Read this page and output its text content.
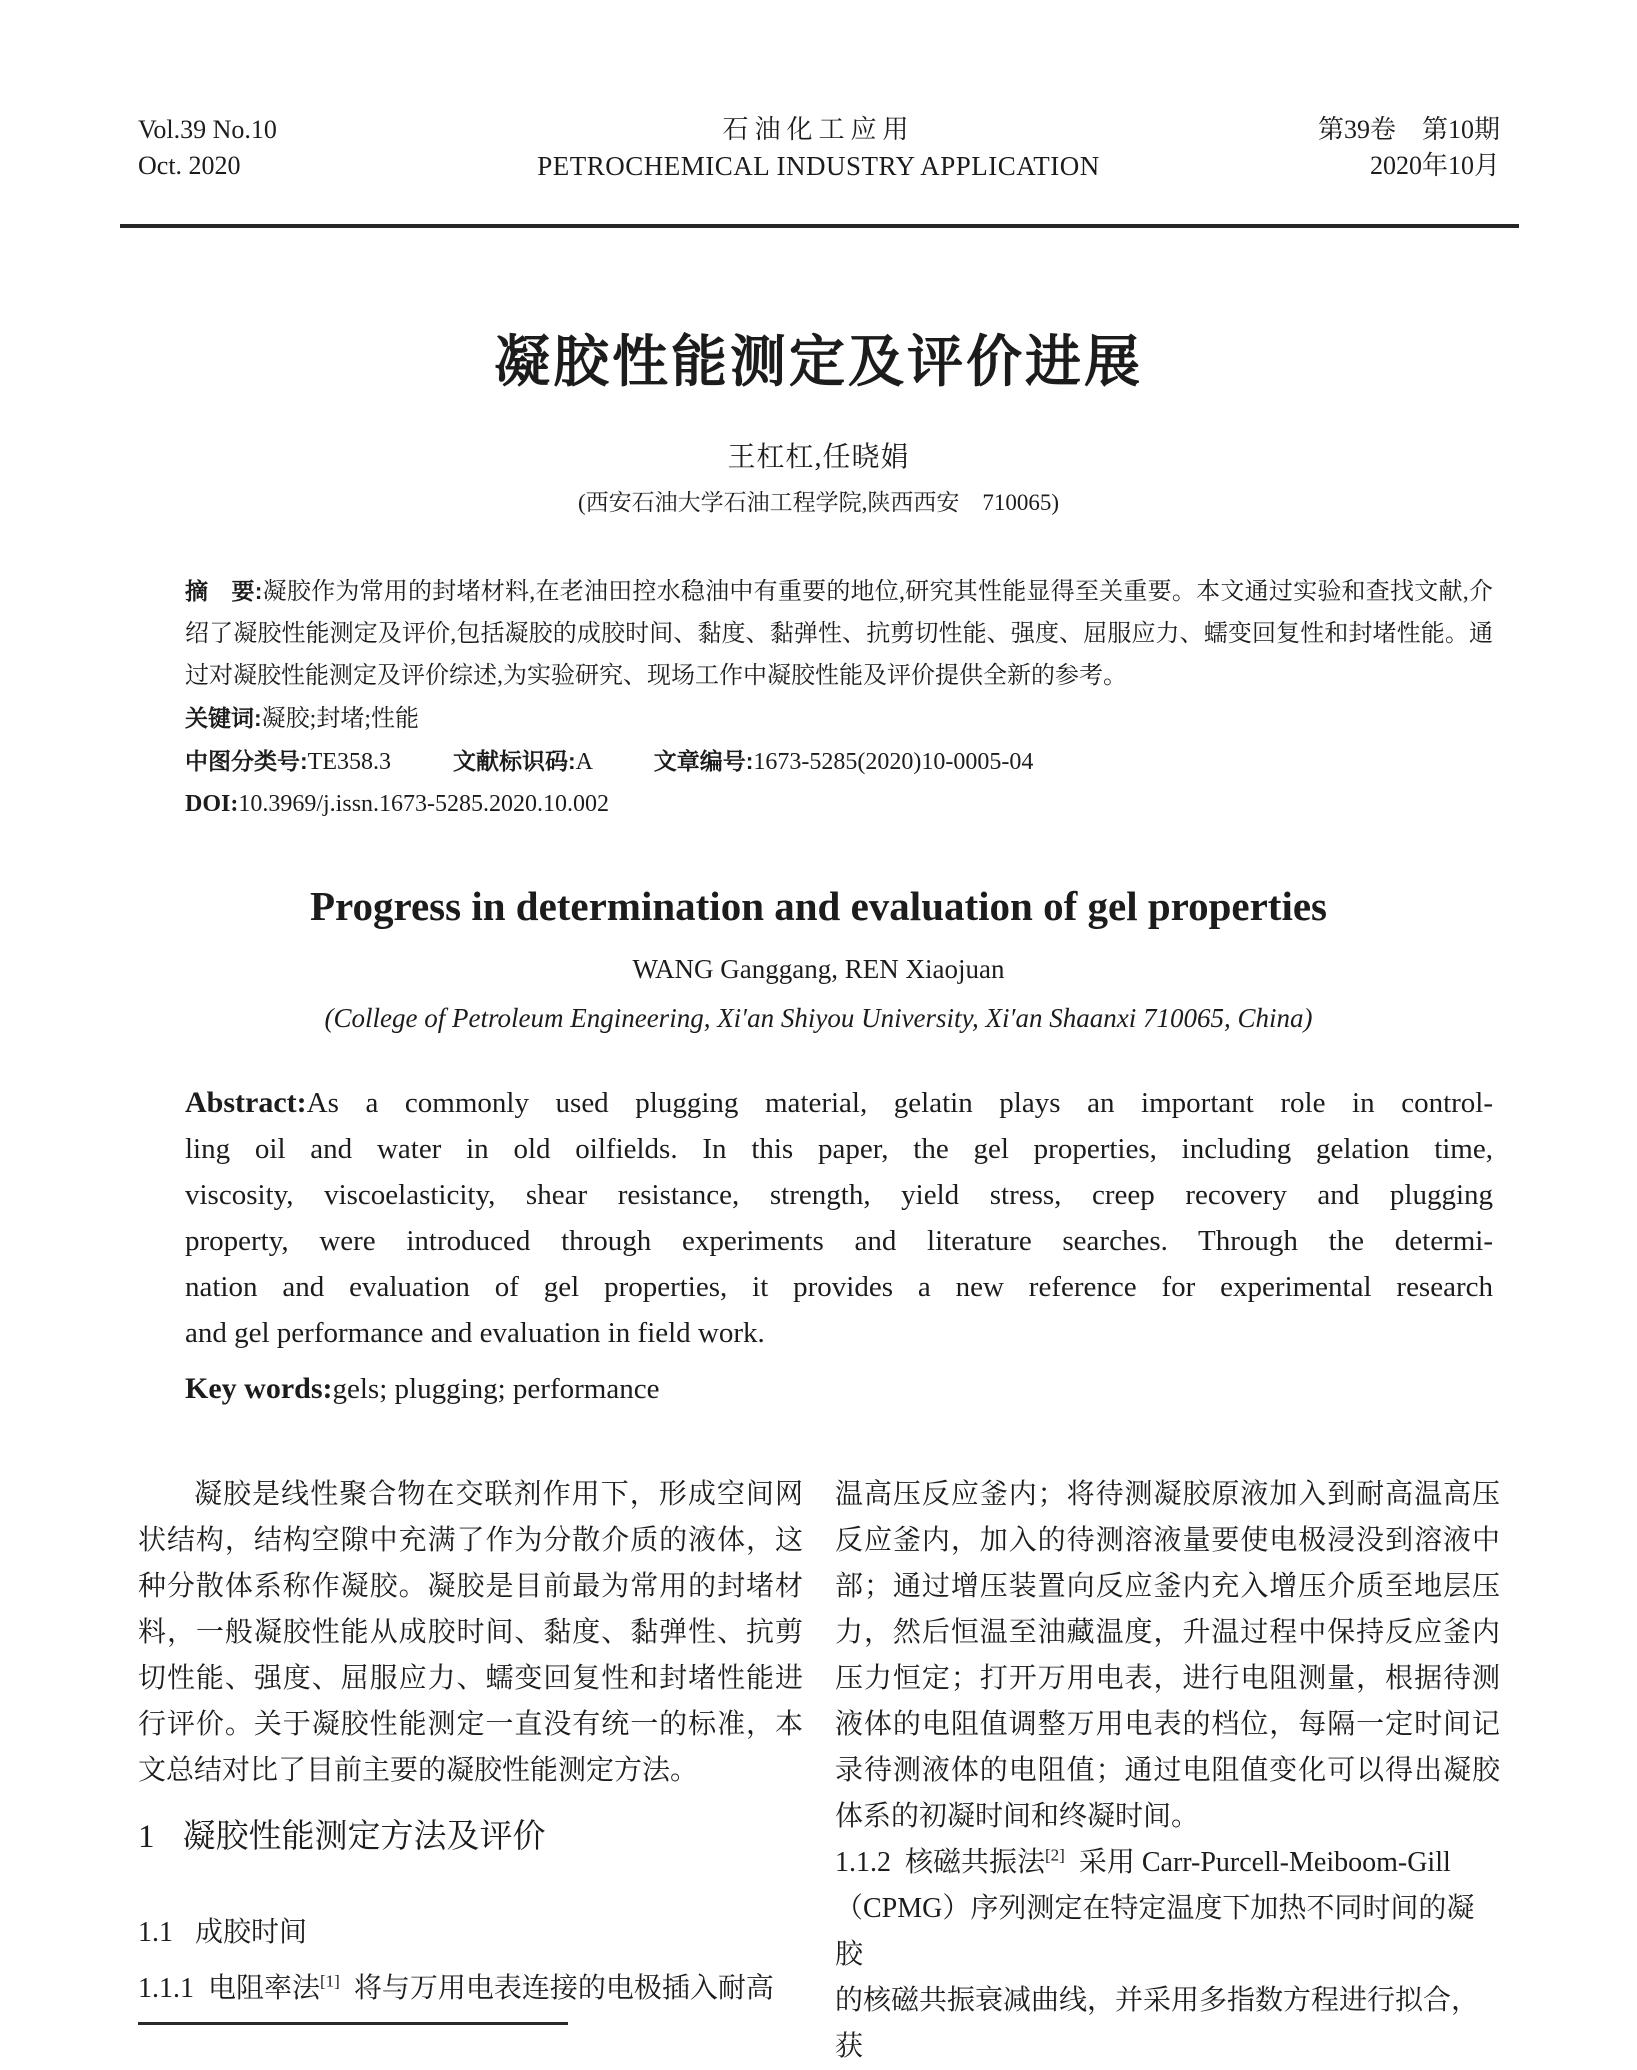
Vol.39 No.10
Oct. 2020
石油化工应用
PETROCHEMICAL INDUSTRY APPLICATION
第39卷　第10期
2020年10月
凝胶性能测定及评价进展
王杠杠,任晓娟
(西安石油大学石油工程学院,陕西西安　710065)

摘　要:凝胶作为常用的封堵材料,在老油田控水稳油中有重要的地位,研究其性能显得至关重要。本文通过实验和查找文献,介绍了凝胶性能测定及评价,包括凝胶的成胶时间、黏度、黏弹性、抗剪切性能、强度、屈服应力、蠕变回复性和封堵性能。通过对凝胶性能测定及评价综述,为实验研究、现场工作中凝胶性能及评价提供全新的参考。

关键词:凝胶;封堵;性能
中图分类号:TE358.3	文献标识码:A	文章编号:1673-5285(2020)10-0005-04
DOI:10.3969/j.issn.1673-5285.2020.10.002
Progress in determination and evaluation of gel properties
WANG Ganggang, REN Xiaojuan
(College of Petroleum Engineering, Xi′an Shiyou University, Xi′an Shaanxi 710065, China)
Abstract:As a commonly used plugging material, gelatin plays an important role in control-
ling oil and water in old oilfields. In this paper, the gel properties, including gelation time,
viscosity, viscoelasticity, shear resistance, strength, yield stress, creep recovery and plugging
property, were introduced through experiments and literature searches. Through the determi-
nation and evaluation of gel properties, it provides a new reference for experimental research
and gel performance and evaluation in field work.
Key words:gels; plugging; performance

凝胶是线性聚合物在交联剂作用下，形成空间网状结构，结构空隙中充满了作为分散介质的液体，这种分散体系称作凝胶。凝胶是目前最为常用的封堵材料，一般凝胶性能从成胶时间、黏度、黏弹性、抗剪切性能、强度、屈服应力、蠕变回复性和封堵性能进行评价。关于凝胶性能测定一直没有统一的标准，本文总结对比了目前主要的凝胶性能测定方法。

1 凝胶性能测定方法及评价
1.1 成胶时间
1.1.1 电阻率法[1] 将与万用电表连接的电极插入耐高

温高压反应釜内；将待测凝胶原液加入到耐高温高压反应釜内，加入的待测溶液量要使电极浸没到溶液中部；通过增压装置向反应釜内充入增压介质至地层压力，然后恒温至油藏温度，升温过程中保持反应釜内压力恒定；打开万用电表，进行电阻测量，根据待测液体的电阻值调整万用电表的档位，每隔一定时间记录待测液体的电阻值；通过电阻值变化可以得出凝胶体系的初凝时间和终凝时间。

1.1.2 核磁共振法[2] 采用 Carr-Purcell-Meiboom-Gill
（CPMG）序列测定在特定温度下加热不同时间的凝胶
的核磁共振衰减曲线，并采用多指数方程进行拟合，获
